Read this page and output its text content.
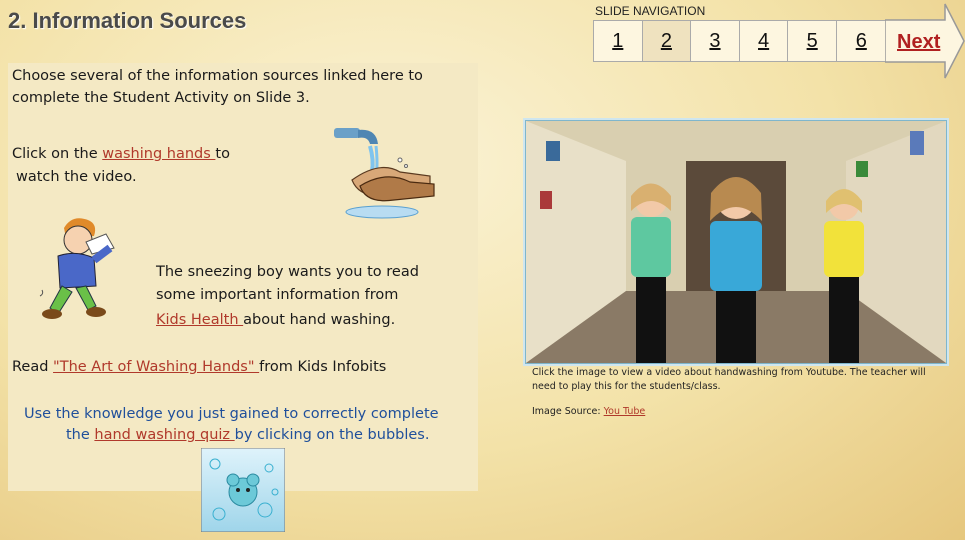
2. Information Sources	SLIDE NAVIGATION
1	2	3	4	5	6	Next
Choose several of the information sources linked here to complete the Student Activity on Slide 3.
Click on the washing hands to
watch the video.
The sneezing boy wants you to read
some important information from
Kids Health about hand washing.
Read "The Art of Washing Hands" from Kids Infobits
Use the knowledge you just gained to correctly complete
the hand washing quiz by clicking on the bubbles.
Click the image to view a video about handwashing from Youtube. The teacher will need to play this for the students/class.
Image Source: You Tube
